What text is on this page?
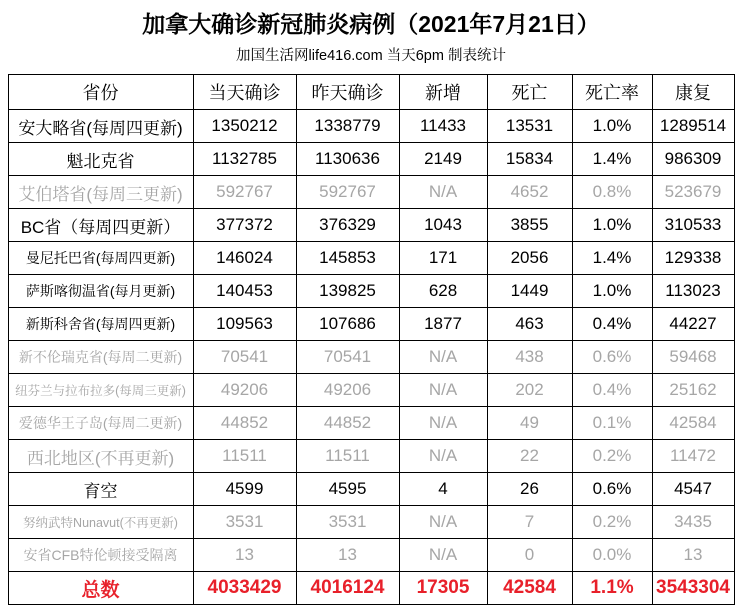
加拿大确诊新冠肺炎病例（2021年7月21日）
加国生活网life416.com 当天6pm 制表统计
省份	当天确诊	昨天确诊	新增	死亡	死亡率	康复
安大略省(每周四更新)	1350212	1338779	11433	13531	1.0%	1289514
魁北克省	1132785	1130636	2149	15834	1.4%	986309
艾伯塔省(每周三更新)	592767	592767	N/A	4652	0.8%	523679
BC省（每周四更新）	377372	376329	1043	3855	1.0%	310533
曼尼托巴省(每周四更新)	146024	145853	171	2056	1.4%	129338
萨斯喀彻温省(每月更新)	140453	139825	628	1449	1.0%	113023
新斯科舍省(每周四更新)	109563	107686	1877	463	0.4%	44227
新不伦瑞克省(每周二更新)	70541	70541	N/A	438	0.6%	59468
纽芬兰与拉布拉多(每周三更新)	49206	49206	N/A	202	0.4%	25162
爱德华王子岛(每周二更新)	44852	44852	N/A	49	0.1%	42584
西北地区(不再更新)	11511	11511	N/A	22	0.2%	11472
育空	4599	4595	4	26	0.6%	4547
努纳武特Nunavut(不再更新)	3531	3531	N/A	7	0.2%	3435
安省CFB特伦顿接受隔离	13	13	N/A	0	0.0%	13
总数	4033429	4016124	17305	42584	1.1%	3543304
